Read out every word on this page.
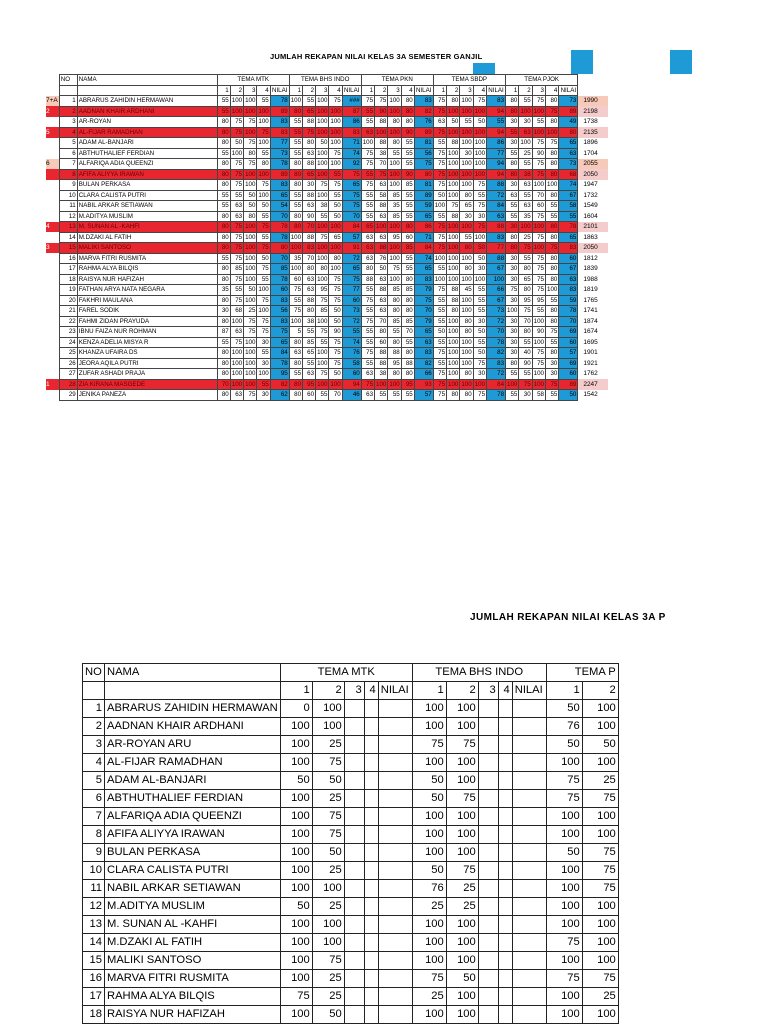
JUMLAH REKAPAN NILAI KELAS 3A SEMESTER GANJIL
	NO	NAMA	TEMA MTK					TEMA BHS INDO					TEMA PKN					TEMA SBDP					TEMA PJOK					
			1	2	3	4	NILAI	1	2	3	4	NILAI	1	2	3	4	NILAI	1	2	3	4	NILAI	1	2	3	4	NILAI	
7+A	1	ABRARUS ZAHIDIN HERMAWAN	55	100	100	55	78	100	55	100	75	###	75	75	100	80	83	75	80	100	75	83	80	55	75	80	73	1990
2	2	AADNAN KHAIR ARDHANI	55	100	100	100	89	80	65	100	100	87	55	90	100	80	82	75	100	100	100	94	80	100	100	75	89	2198
	3	AR-ROYAN	80	75	75	100	83	55	88	100	100	86	55	88	80	80	76	63	50	55	50	55	30	30	55	80	49	1738
5	4	AL-FIJAR RAMADHAN	80	75	100	75	83	55	75	100	100	83	63	100	100	90	89	75	100	100	100	94	55	63	100	100	80	2135
	5	ADAM AL-BANJARI	80	50	75	100	77	55	80	50	100	71	100	88	80	55	81	55	88	100	100	86	30	100	75	75	65	1896
	6	ABTHUTHALIEF FERDIAN	55	100	80	55	73	55	63	100	75	74	75	38	55	55	56	75	100	30	100	77	55	25	90	80	63	1704
6	7	ALFARIQA ADIA QUEENZI	80	75	75	80	78	80	88	100	100	92	75	70	100	55	75	75	100	100	100	94	80	55	75	80	73	2055
	8	AFIFA ALIYYA IRAWAN	80	75	100	100	89	80	65	100	55	75	55	75	100	90	80	75	100	100	100	94	80	38	75	80	68	2050
	9	BULAN PERKASA	80	75	100	75	83	80	30	75	75	65	75	63	100	85	81	75	100	100	75	88	30	63	100	100	74	1947
	10	CLARA CALISTA PUTRI	55	55	50	100	65	55	88	100	55	75	55	58	85	55	89	50	100	80	55	72	63	55	70	80	67	1732
	11	NABIL ARKAR SETIAWAN	55	63	50	50	54	55	63	38	50	75	55	88	35	55	59	100	75	65	75	84	55	63	60	55	58	1549
	12	M.ADITYA MUSLIM	80	63	80	55	70	80	90	55	50	70	55	63	85	55	65	55	88	30	30	63	55	35	75	55	55	1604
4	13	M. SUNAN AL -KAHFI	80	75	100	75	78	80	70	100	100	84	65	100	100	80	86	75	100	100	75	88	30	100	100	80	78	2101
	14	M.DZAKI AL FATIH	80	75	100	55	78	100	88	75	65	57	63	63	95	60	71	75	100	55	100	83	80	25	75	80	65	1863
3	15	MALIKI SANTOSO	80	75	100	75	80	100	83	100	100	91	63	88	100	85	84	75	100	80	50	77	80	75	100	75	83	2050
	16	MARVA FITRI RUSMITA	55	75	100	50	70	35	70	100	80	72	63	76	100	55	74	100	100	100	50	88	30	55	75	80	60	1812
	17	RAHMA ALYA BILQIS	80	85	100	75	85	100	80	80	100	65	80	50	75	55	65	55	100	80	30	67	30	80	75	80	67	1839
	18	RAISYA NUR HAFIZAH	80	75	100	55	78	60	63	100	75	75	88	63	100	80	83	100	100	100	100	100	30	65	75	80	63	1988
	19	FATHAN ARYA NATA NEGARA	35	55	50	100	60	75	63	95	75	77	55	88	85	85	79	75	88	45	55	66	75	80	75	100	83	1819
	20	FAKHRI MAULANA	80	75	100	75	83	55	88	75	75	60	75	63	80	80	75	55	88	100	55	67	30	95	95	55	59	1765
	21	FAREL SODIK	30	68	25	100	56	75	80	85	50	73	55	63	80	80	70	55	80	100	55	73	100	75	55	80	78	1741
	22	FAHMI ZIDAN PRAYUDA	80	100	75	75	83	100	38	100	50	72	75	70	85	85	79	55	100	80	30	72	30	70	100	80	70	1874
	23	IBNU FAIZA NUR ROHMAN	87	63	75	75	75	5	55	75	90	55	55	80	55	70	65	50	100	80	50	70	30	80	90	75	69	1674
	24	KENZA ADELIA MISYA R	55	75	100	30	65	80	85	55	75	74	55	60	80	55	63	55	100	100	55	78	30	55	100	55	60	1695
	25	KHANZA UFAIRA DS	80	100	100	55	84	63	65	100	75	76	75	88	88	80	83	75	100	100	50	82	30	40	75	80	57	1901
	26	JEORA AQILA PUTRI	80	100	100	30	78	80	55	100	75	58	55	88	95	88	82	55	100	100	75	83	80	90	75	30	69	1921
	27	ZUFAR ASHADI PRAJA	80	100	100	100	95	55	63	75	50	60	63	38	80	80	66	75	100	80	30	72	55	55	100	30	60	1762
1	28	ZIA KIRANA MASGEDE	70	100	100	55	82	80	95	100	100	94	75	100	100	95	93	75	100	100	100	84	100	75	100	75	89	2247
	29	JENIKA PANEZA	80	63	75	30	62	80	60	55	70	46	63	55	55	55	57	75	80	80	75	78	55	30	58	55	50	1542
JUMLAH REKAPAN NILAI KELAS 3A P
NO	NAMA	TEMA MTK					TEMA BHS INDO					TEMA P	
		1	2	3	4	NILAI	1	2	3	4	NILAI	1	2
1	ABRARUS ZAHIDIN HERMAWAN	0	100				100	100				50	100
2	AADNAN KHAIR ARDHANI	100	100				100	100				76	100
3	AR-ROYAN ARU	100	25				75	75				50	50
4	AL-FIJAR RAMADHAN	100	75				100	100				100	100
5	ADAM AL-BANJARI	50	50				50	100				75	25
6	ABTHUTHALIEF FERDIAN	100	25				50	75				75	75
7	ALFARIQA ADIA QUEENZI	100	75				100	100				100	100
8	AFIFA ALIYYA IRAWAN	100	75				100	100				100	100
9	BULAN PERKASA	100	50				100	100				50	75
10	CLARA CALISTA PUTRI	100	25				50	75				100	75
11	NABIL ARKAR SETIAWAN	100	100				76	25				100	75
12	M.ADITYA MUSLIM	50	25				25	25				100	100
13	M. SUNAN AL -KAHFI	100	100				100	100				100	100
14	M.DZAKI AL FATIH	100	100				100	100				75	100
15	MALIKI SANTOSO	100	75				100	100				100	100
16	MARVA FITRI RUSMITA	100	25				75	50				75	75
17	RAHMA ALYA BILQIS	75	25				25	100				100	25
18	RAISYA NUR HAFIZAH	100	50				100	100				100	100
